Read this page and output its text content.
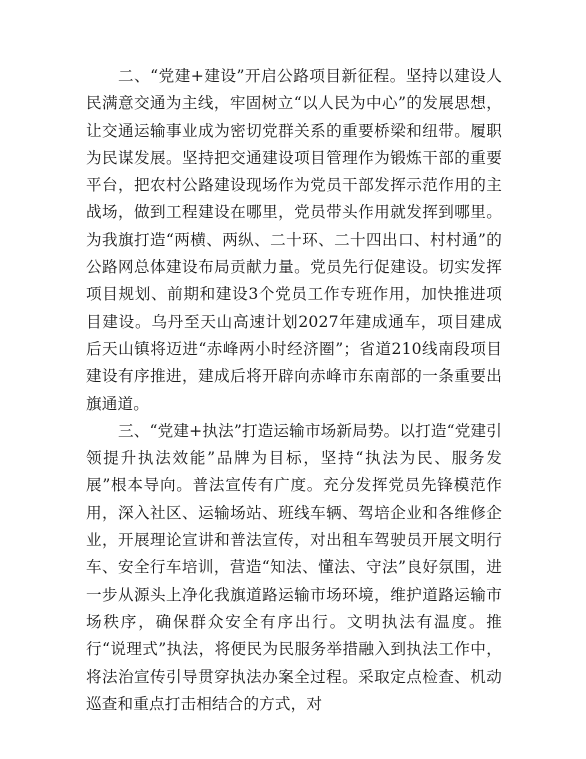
二、“党建+建设”开启公路项目新征程。坚持以建设人民满意交通为主线，牢固树立“以人民为中心”的发展思想，让交通运输事业成为密切党群关系的重要桥梁和纽带。履职为民谋发展。坚持把交通建设项目管理作为锻炼干部的重要平台，把农村公路建设现场作为党员干部发挥示范作用的主战场，做到工程建设在哪里，党员带头作用就发挥到哪里。为我旗打造“两横、两纵、二十环、二十四出口、村村通”的公路网总体建设布局贡献力量。党员先行促建设。切实发挥项目规划、前期和建设3个党员工作专班作用，加快推进项目建设。乌丹至天山高速计划2027年建成通车，项目建成后天山镇将迈进“赤峰两小时经济圈”；省道210线南段项目建设有序推进，建成后将开辟向赤峰市东南部的一条重要出旗通道。

三、“党建+执法”打造运输市场新局势。以打造“党建引领提升执法效能”品牌为目标，坚持“执法为民、服务发展”根本导向。普法宣传有广度。充分发挥党员先锋模范作用，深入社区、运输场站、班线车辆、驾培企业和各维修企业，开展理论宣讲和普法宣传，对出租车驾驶员开展文明行车、安全行车培训，营造“知法、懂法、守法”良好氛围，进一步从源头上净化我旗道路运输市场环境，维护道路运输市场秩序，确保群众安全有序出行。文明执法有温度。推行“说理式”执法，将便民为民服务举措融入到执法工作中，将法治宣传引导贯穿执法办案全过程。采取定点检查、机动巡查和重点打击相结合的方式，对
